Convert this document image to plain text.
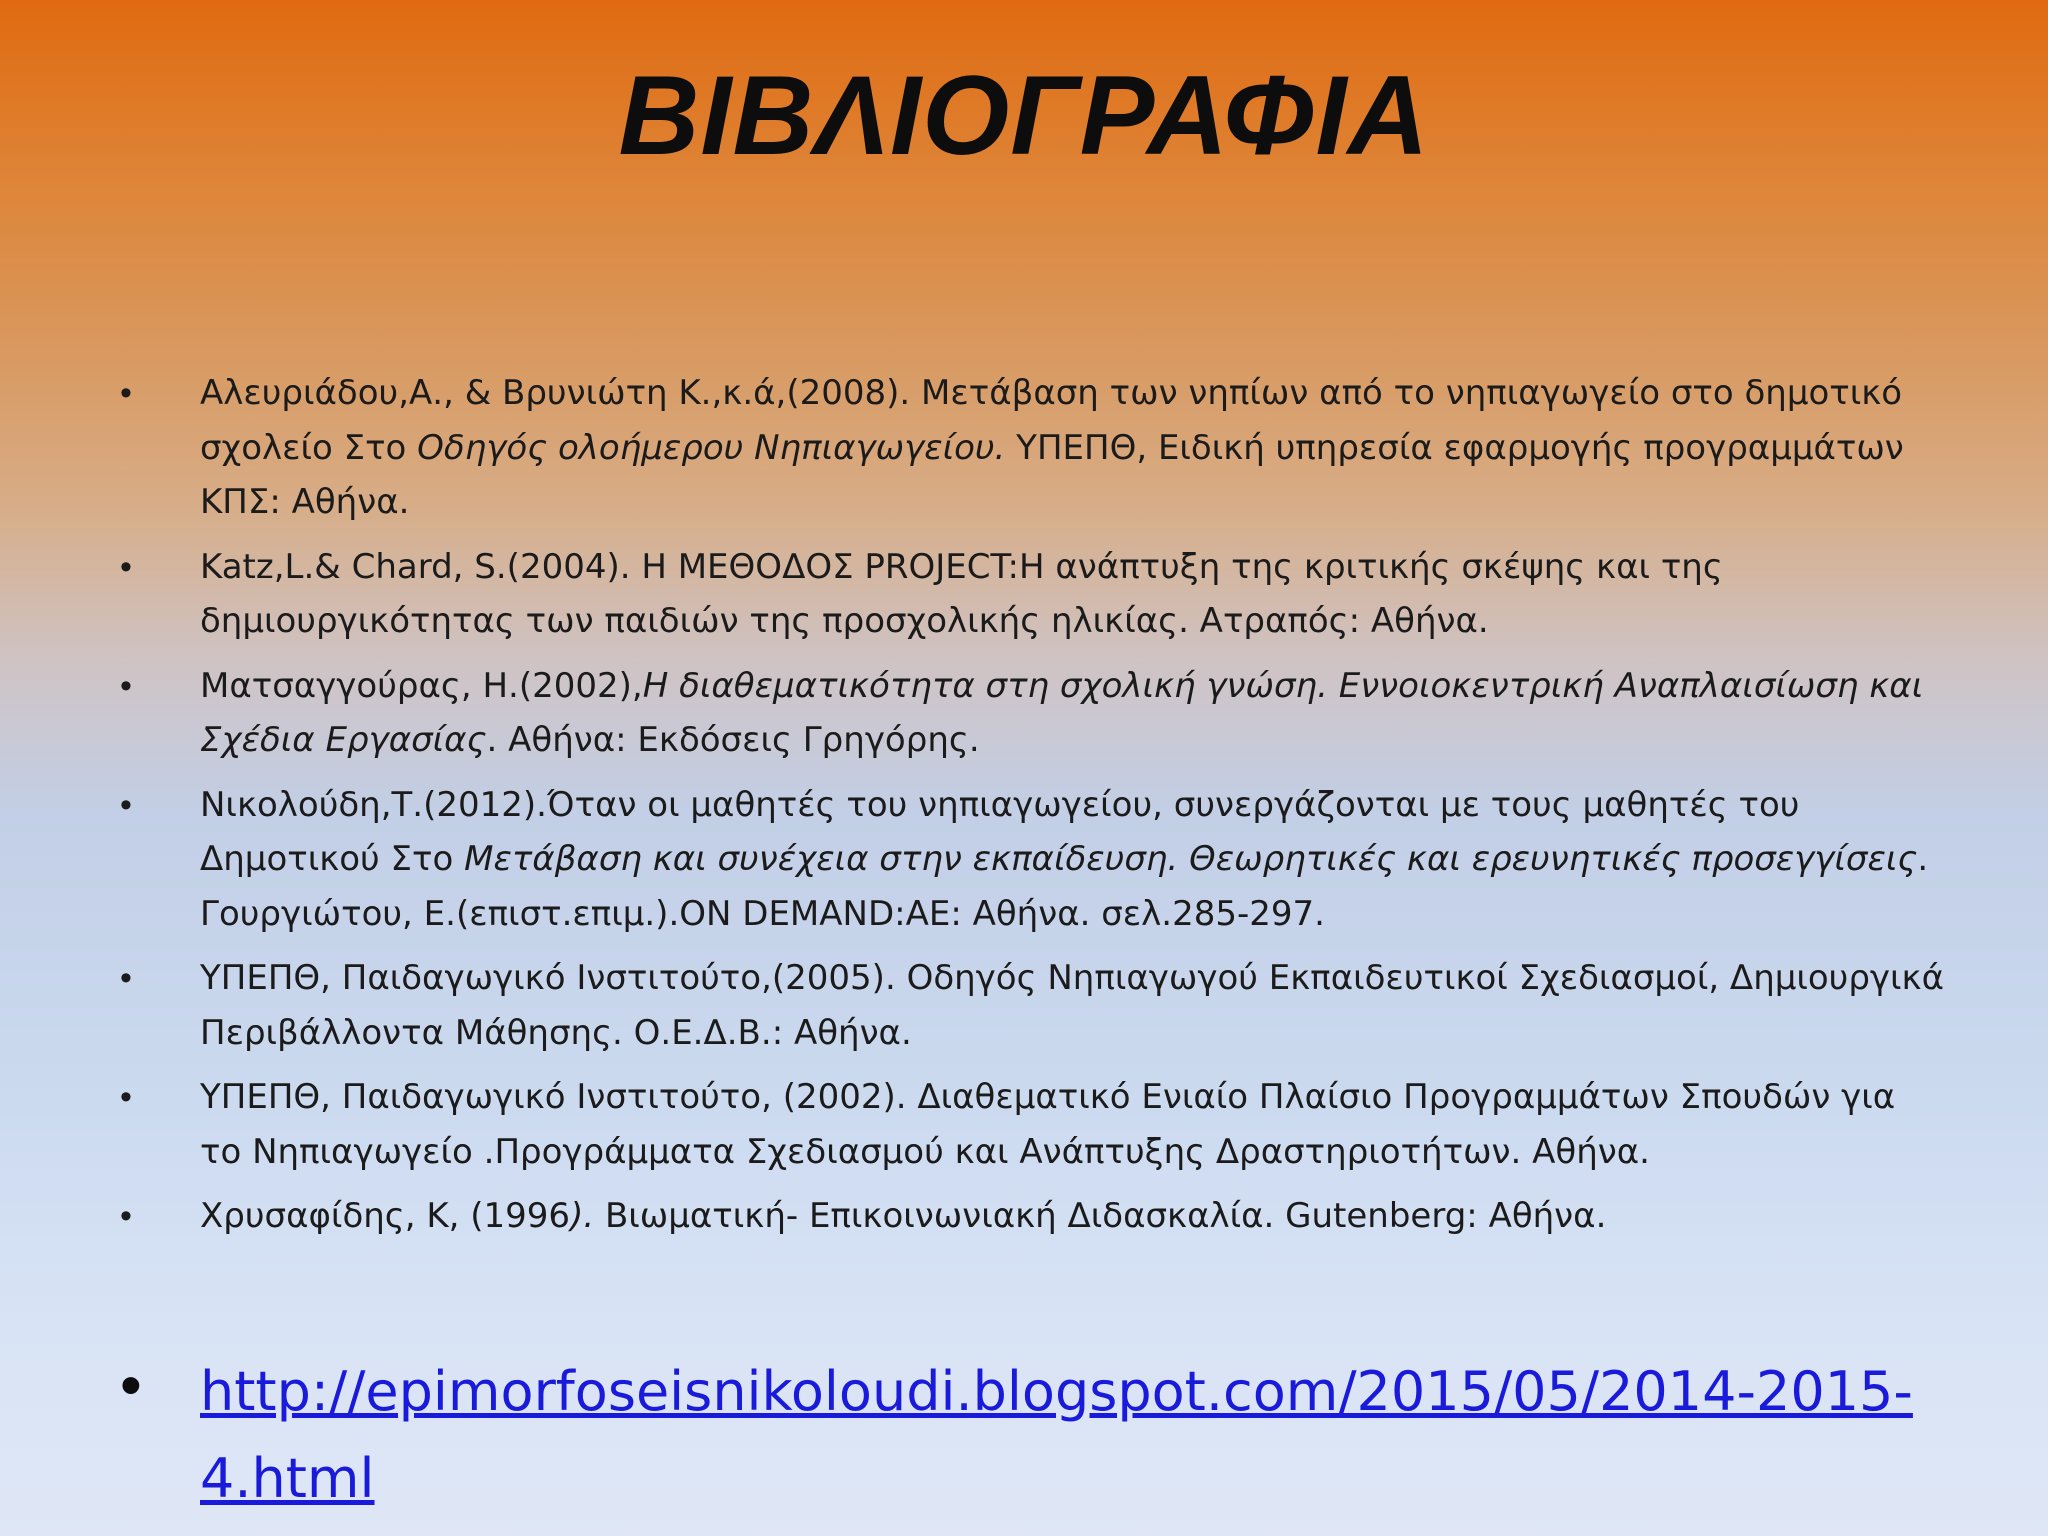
ΒΙΒΛΙΟΓΡΑΦΙΑ
• Αλευριάδου,Α., & Βρυνιώτη Κ.,κ.ά,(2008). Μετάβαση των νηπίων από το νηπιαγωγείο στο δημοτικό σχολείο Στο Οδηγός ολοήμερου Νηπιαγωγείου. ΥΠΕΠΘ, Ειδική υπηρεσία εφαρμογής προγραμμάτων ΚΠΣ: Αθήνα.
• Katz,L.& Chard, S.(2004). Η ΜΕΘΟΔΟΣ PROJECT:Η ανάπτυξη της κριτικής σκέψης και της δημιουργικότητας των παιδιών της προσχολικής ηλικίας. Ατραπός: Αθήνα.
• Ματσαγγούρας, Η.(2002),Η διαθεματικότητα στη σχολική γνώση. Εννοιοκεντρική Αναπλαισίωση και Σχέδια Εργασίας. Αθήνα: Εκδόσεις Γρηγόρης.
• Νικολούδη,Τ.(2012).Όταν οι μαθητές του νηπιαγωγείου, συνεργάζονται με τους μαθητές του Δημοτικού Στο Μετάβαση και συνέχεια στην εκπαίδευση. Θεωρητικές και ερευνητικές προσεγγίσεις. Γουργιώτου, Ε.(επιστ.επιμ.).ON DEMAND:ΑΕ: Αθήνα. σελ.285-297.
• ΥΠΕΠΘ, Παιδαγωγικό Ινστιτούτο,(2005). Οδηγός Νηπιαγωγού Εκπαιδευτικοί Σχεδιασμοί, Δημιουργικά Περιβάλλοντα Μάθησης. Ο.Ε.Δ.Β.: Αθήνα.
• ΥΠΕΠΘ, Παιδαγωγικό Ινστιτούτο, (2002). Διαθεματικό Ενιαίο Πλαίσιο Προγραμμάτων Σπουδών για το Νηπιαγωγείο .Προγράμματα Σχεδιασμού και Ανάπτυξης Δραστηριοτήτων. Αθήνα.
• Χρυσαφίδης, Κ, (1996). Βιωματική- Επικοινωνιακή Διδασκαλία. Gutenberg: Αθήνα.
• http://epimorfoseisnikoloudi.blogspot.com/2015/05/2014-2015-4.html
